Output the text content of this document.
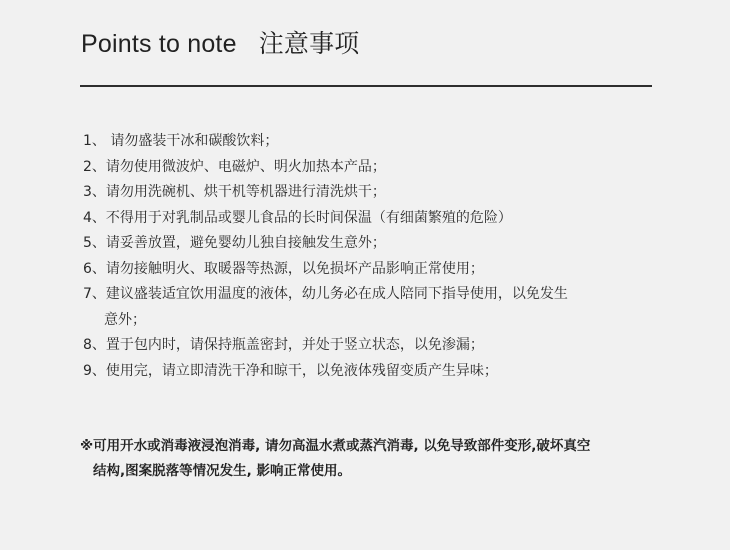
Points to note 注意事项
1、 请勿盛装干冰和碳酸饮料；
2、请勿使用微波炉、电磁炉、明火加热本产品；
3、请勿用洗碗机、烘干机等机器进行清洗烘干；
4、不得用于对乳制品或婴儿食品的长时间保温（有细菌繁殖的危险）
5、请妥善放置，避免婴幼儿独自接触发生意外；
6、请勿接触明火、取暖器等热源，以免损坏产品影响正常使用；
7、建议盛装适宜饮用温度的液体，幼儿务必在成人陪同下指导使用，以免发生
意外；
8、置于包内时，请保持瓶盖密封，并处于竖立状态，以免渗漏；
9、使用完，请立即清洗干净和晾干，以免液体残留变质产生异味；
※可用开水或消毒液浸泡消毒, 请勿高温水煮或蒸汽消毒, 以免导致部件变形,破坏真空
结构,图案脱落等情况发生, 影响正常使用。
